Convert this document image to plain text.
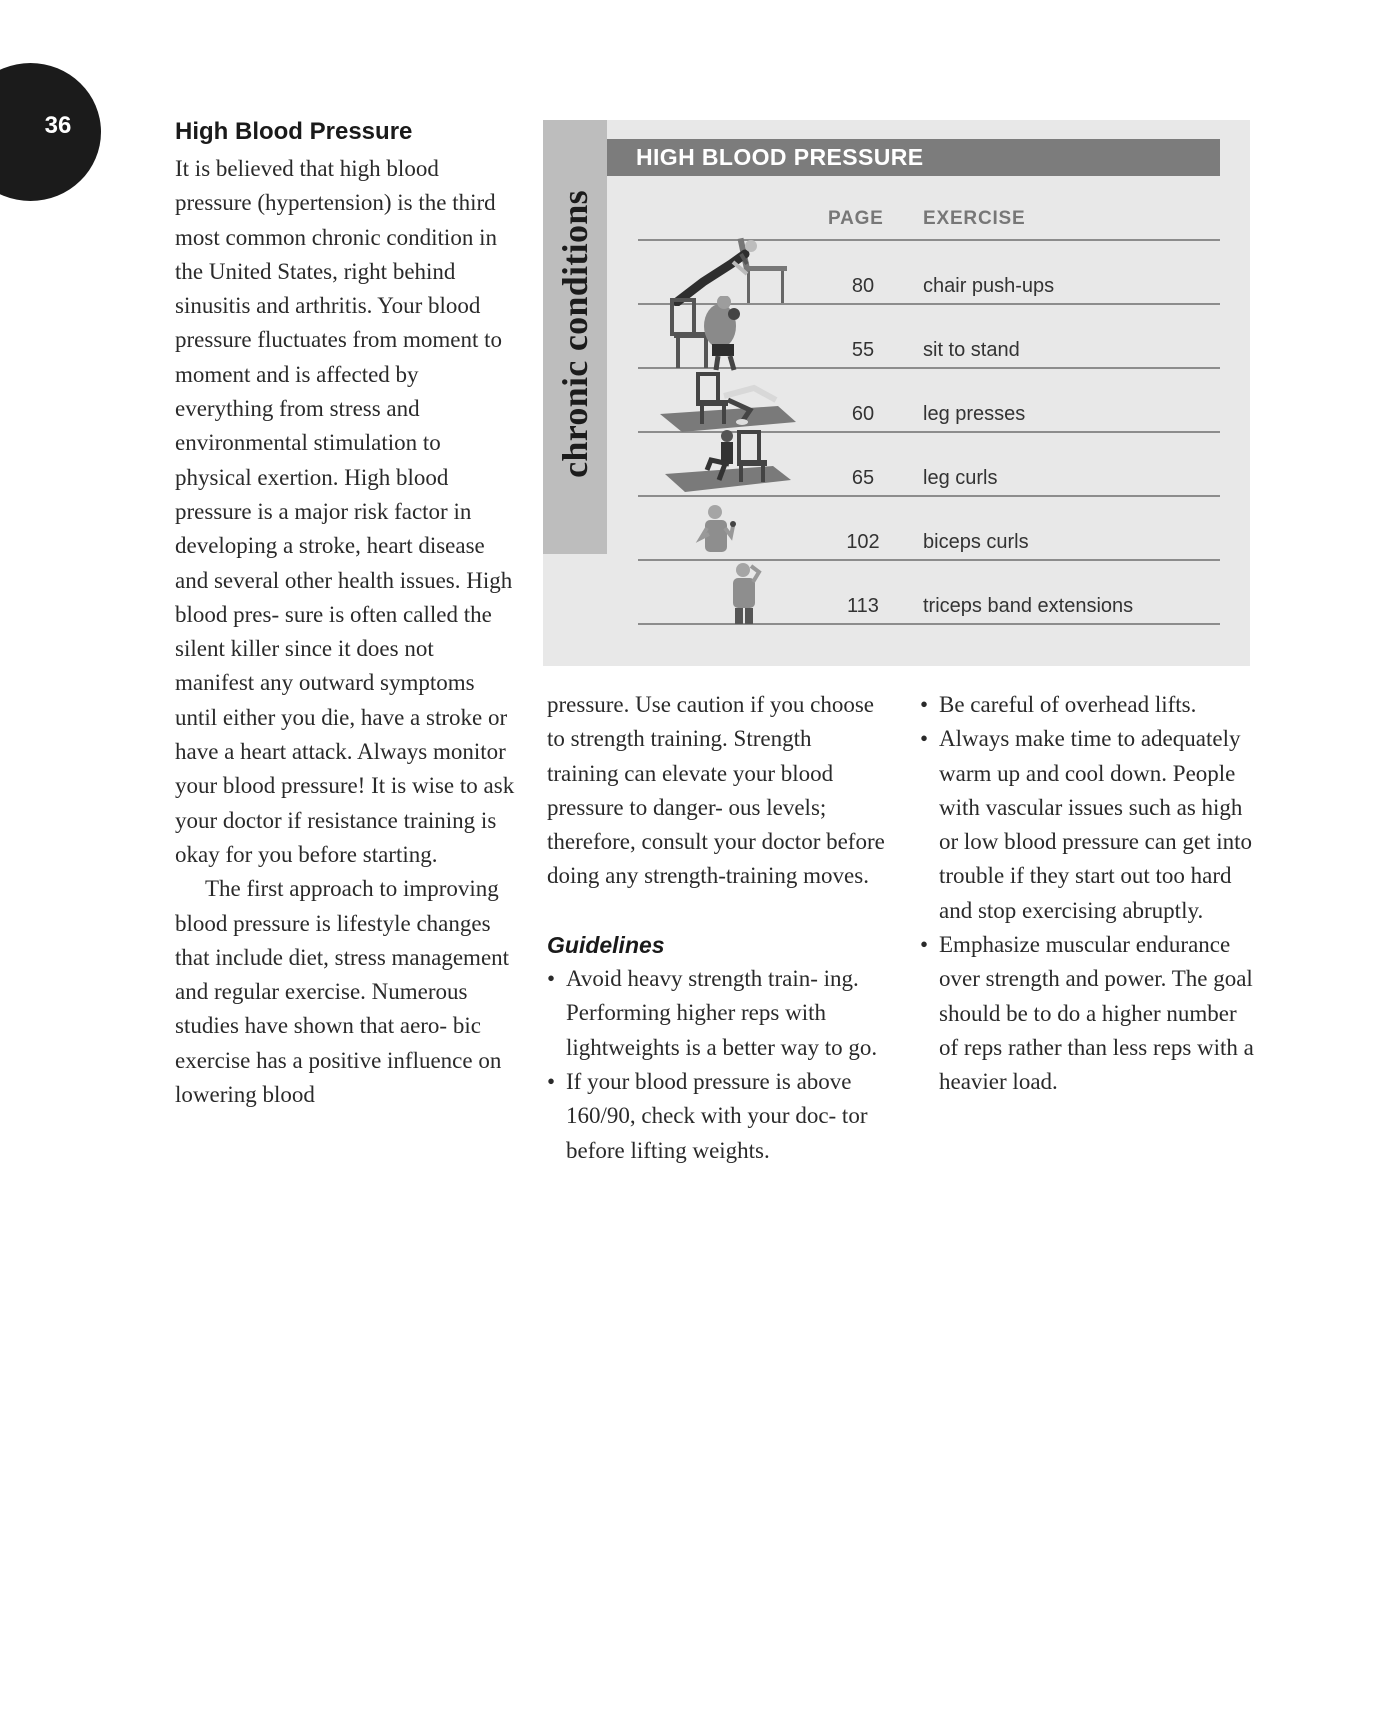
36	High Blood Pressure

It is believed that high blood pressure (hypertension) is the third most common chronic condition in the United States, right behind sinusitis and arthritis. Your blood pressure fluctuates from moment to moment and is affected by everything from stress and environmental stimulation to physical exertion. High blood pressure is a major risk factor in developing a stroke, heart disease and several other health issues. High blood pres- sure is often called the silent killer since it does not manifest any outward symptoms until either you die, have a stroke or have a heart attack. Always monitor your blood pressure! It is wise to ask your doctor if resistance training is okay for you before starting.

The first approach to improving blood pressure is lifestyle changes that include diet, stress management and regular exercise. Numerous studies have shown that aero- bic exercise has a positive influence on lowering blood

chronic conditions
HIGH BLOOD PRESSURE
PAGE EXERCISE
80	chair push-ups
55	sit to stand
60	leg presses
65	leg curls
102	biceps curls
113	triceps band extensions

pressure. Use caution if you choose to strength training. Strength training can elevate your blood pressure to danger- ous levels; therefore, consult your doctor before doing any strength-training moves.

Guidelines
• Avoid heavy strength train- ing. Performing higher reps with lightweights is a better way to go.
• If your blood pressure is above 160/90, check with your doc- tor before lifting weights.
• Be careful of overhead lifts.
• Always make time to adequately warm up and cool down. People with vascular issues such as high or low blood pressure can get into trouble if they start out too hard and stop exercising abruptly.
• Emphasize muscular endurance over strength and power. The goal should be to do a higher number of reps rather than less reps with a heavier load.
